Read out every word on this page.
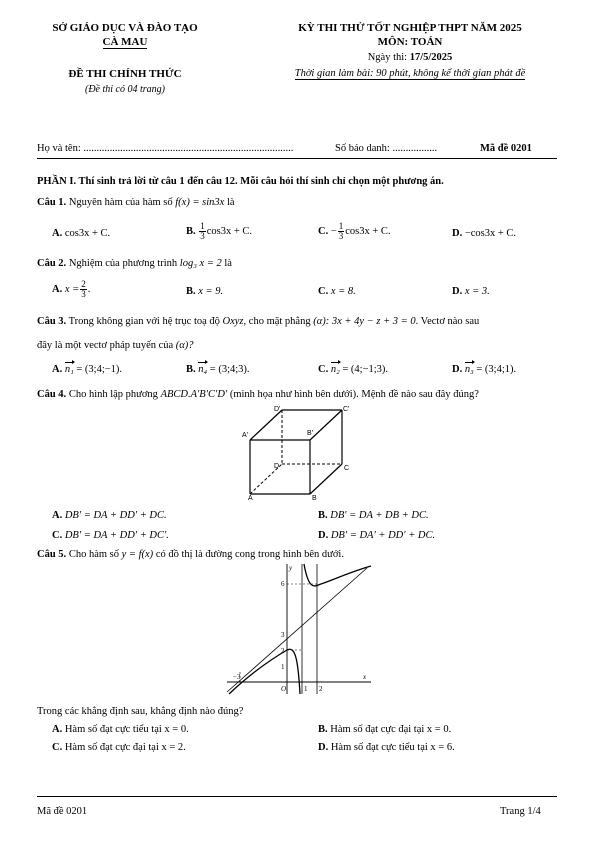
SỞ GIÁO DỤC VÀ ĐÀO TẠO
CÀ MAU
ĐỀ THI CHÍNH THỨC
(Đề thi có 04 trang)
KỲ THI THỬ TỐT NGHIỆP THPT NĂM 2025
MÔN: TOÁN
Ngày thi: 17/5/2025
Thời gian làm bài: 90 phút, không kể thời gian phát đề
Họ và tên: ................................................................................	Số báo danh: .................	Mã đề 0201
PHẦN I. Thí sinh trả lời từ câu 1 đến câu 12. Mỗi câu hỏi thí sinh chỉ chọn một phương án.
Câu 1. Nguyên hàm của hàm số f(x) = sin3x là
A. cos3x + C.	B. $\frac{1}{3} \cos 3x + C$.	C. − $\frac{1}{3} \cos 3x + C$.	D. −cos3x + C.
Câu 2. Nghiệm của phương trình log₃ x = 2 là
A. $x = \frac{2}{3}$ .	B. x = 9.	C. x = 8.	D. x = 3.
Câu 3. Trong không gian với hệ trục toạ độ Oxyz, cho mặt phẳng (α): 3x + 4y − z + 3 = 0. Vectơ nào sau
đây là một vectơ pháp tuyến của (α)?
A. n₁ = (3;4;−1).	B. n₄ = (3;4;3).	C. n₂ = (4;−1;3).	D. n₃ = (3;4;1).
Câu 4. Cho hình lập phương ABCD.A′B′C′D′ (minh họa như hình bên dưới). Mệnh đề nào sau đây đúng?
A'	B'
C'
D'
A	B
C
D
A. DB′ = DA + DD′ + DC.	B. DB′ = DA + DB + DC.
C. DB′ = DA + DD′ + DC′.	D. DB′ = DA′ + DD′ + DC.
Câu 5. Cho hàm số y = f(x) có đồ thị là đường cong trong hình bên dưới.
y
x
6
3
2
1
−3
O	1 2
Trong các khẳng định sau, khẳng định nào đúng?
A. Hàm số đạt cực tiểu tại x = 0.	B. Hàm số đạt cực đại tại x = 0.
C. Hàm số đạt cực đại tại x = 2.	D. Hàm số đạt cực tiểu tại x = 6.
Mã đề 0201	Trang 1/4
